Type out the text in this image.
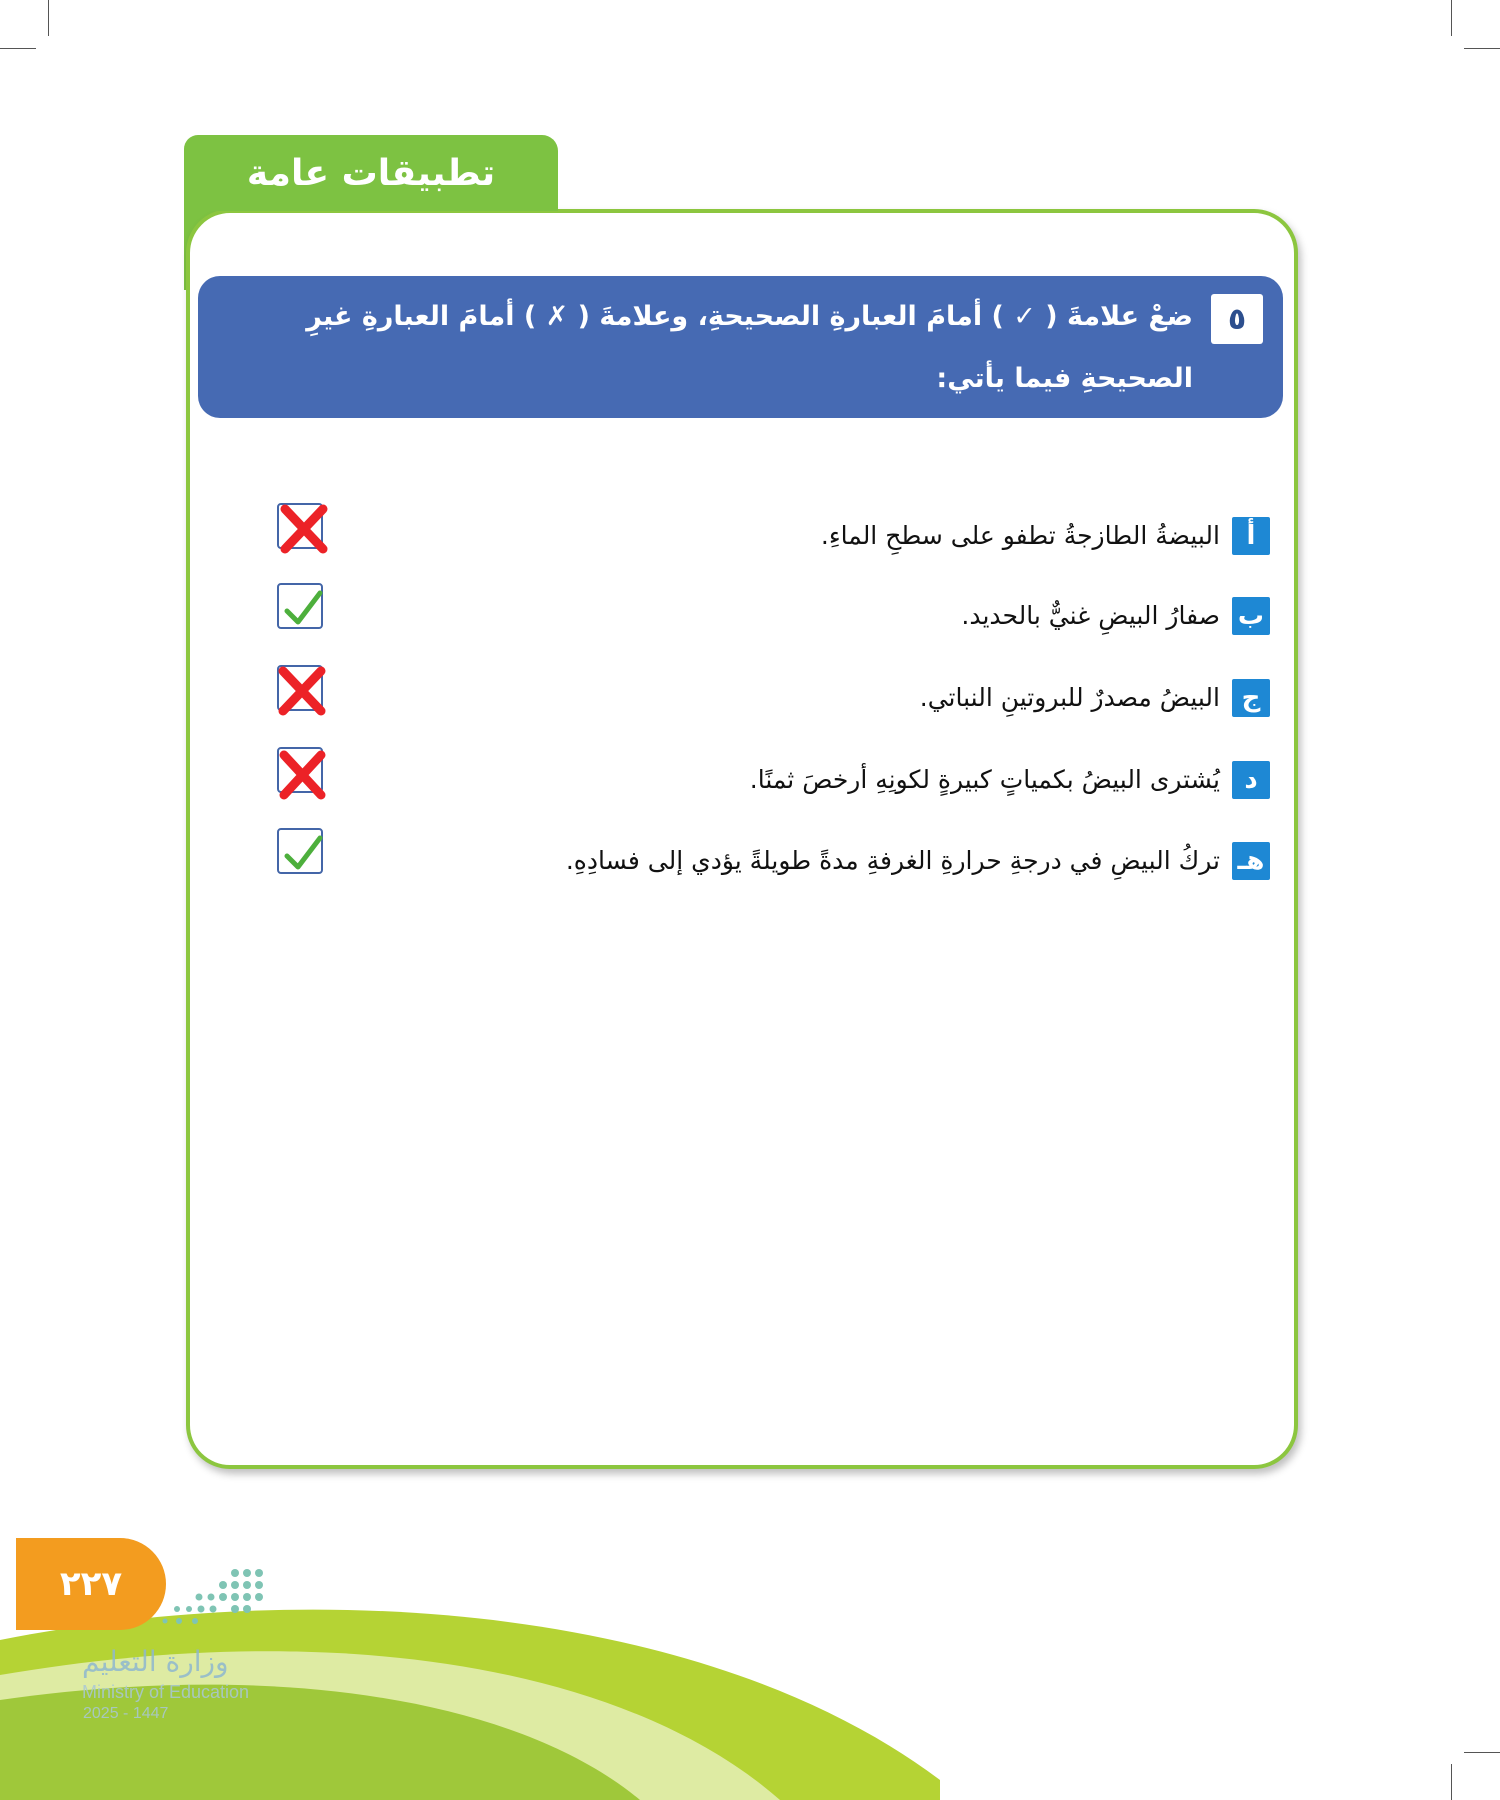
تطبيقات عامة
٥
ضعْ علامةَ ( ✓ ) أمامَ العبارةِ الصحيحةِ، وعلامةَ ( ✗ ) أمامَ العبارةِ غيرِ الصحيحةِ فيما يأتي:
أ
البيضةُ الطازجةُ تطفو على سطحِ الماءِ.
ب
صفارُ البيضِ غنيٌّ بالحديد.
ج
البيضُ مصدرٌ للبروتينِ النباتي.
د
يُشترى البيضُ بكمياتٍ كبيرةٍ لكونِهِ أرخصَ ثمنًا.
هـ
تركُ البيضِ في درجةِ حرارةِ الغرفةِ مدةً طويلةً يؤدي إلى فسادِهِ.
٢٢٧
وزارة التعليم
Ministry of Education
2025 - 1447
